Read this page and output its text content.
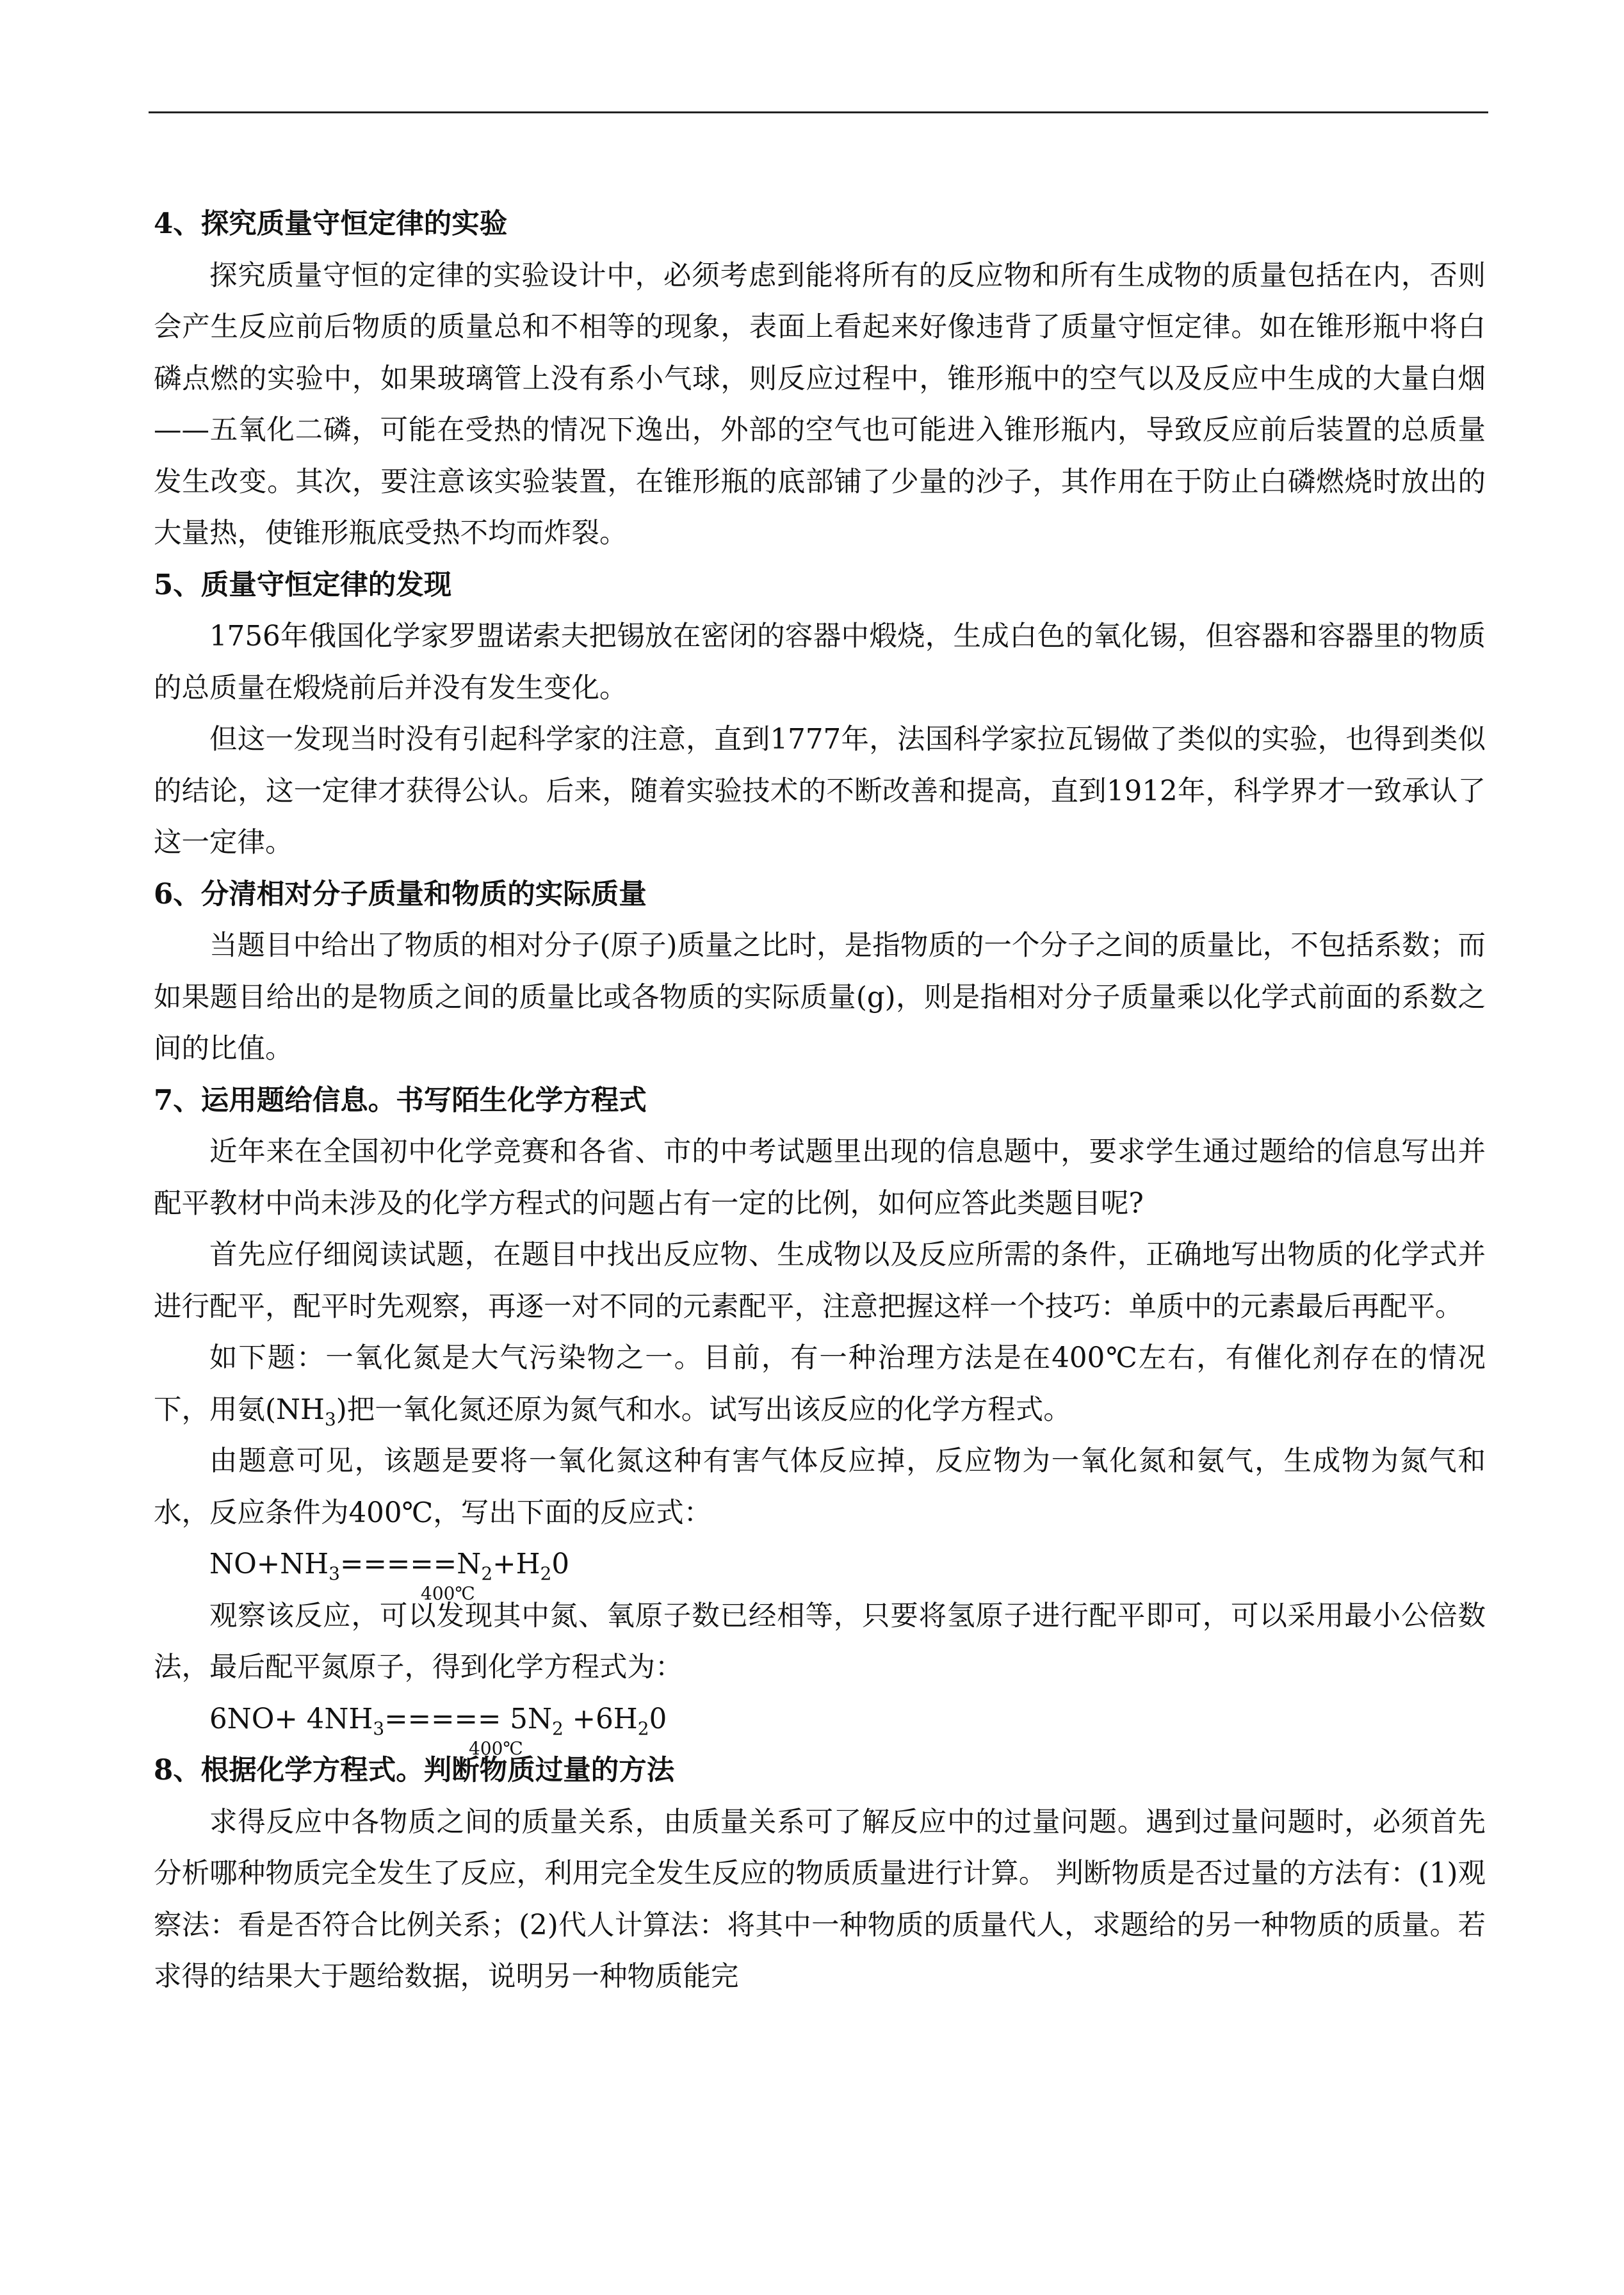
4、探究质量守恒定律的实验

探究质量守恒的定律的实验设计中，必须考虑到能将所有的反应物和所有生成物的质量包括在内，否则会产生反应前后物质的质量总和不相等的现象，表面上看起来好像违背了质量守恒定律。如在锥形瓶中将白磷点燃的实验中，如果玻璃管上没有系小气球，则反应过程中，锥形瓶中的空气以及反应中生成的大量白烟——五氧化二磷，可能在受热的情况下逸出，外部的空气也可能进入锥形瓶内，导致反应前后装置的总质量发生改变。其次，要注意该实验装置，在锥形瓶的底部铺了少量的沙子，其作用在于防止白磷燃烧时放出的大量热，使锥形瓶底受热不均而炸裂。

5、质量守恒定律的发现

1756年俄国化学家罗盟诺索夫把锡放在密闭的容器中煅烧，生成白色的氧化锡，但容器和容器里的物质的总质量在煅烧前后并没有发生变化。

但这一发现当时没有引起科学家的注意，直到1777年，法国科学家拉瓦锡做了类似的实验，也得到类似的结论，这一定律才获得公认。后来，随着实验技术的不断改善和提高，直到1912年，科学界才一致承认了这一定律。

6、分清相对分子质量和物质的实际质量

当题目中给出了物质的相对分子(原子)质量之比时，是指物质的一个分子之间的质量比，不包括系数；而如果题目给出的是物质之间的质量比或各物质的实际质量(g)，则是指相对分子质量乘以化学式前面的系数之间的比值。

7、运用题给信息。书写陌生化学方程式

近年来在全国初中化学竞赛和各省、市的中考试题里出现的信息题中，要求学生通过题给的信息写出并配平教材中尚未涉及的化学方程式的问题占有一定的比例，如何应答此类题目呢?

首先应仔细阅读试题，在题目中找出反应物、生成物以及反应所需的条件，正确地写出物质的化学式并进行配平，配平时先观察，再逐一对不同的元素配平，注意把握这样一个技巧：单质中的元素最后再配平。

如下题：一氧化氮是大气污染物之一。目前，有一种治理方法是在400℃左右，有催化剂存在的情况下，用氨$(NH_3)$把一氧化氮还原为氮气和水。试写出该反应的化学方程式。

由题意可见，该题是要将一氧化氮这种有害气体反应掉，反应物为一氧化氮和氨气，生成物为氮气和水，反应条件为400℃，写出下面的反应式：

$NO+NH_3=====N_2+H_20$
400℃

观察该反应，可以发现其中氮、氧原子数已经相等，只要将氢原子进行配平即可，可以采用最小公倍数法，最后配平氮原子，得到化学方程式为：

$6NO+ 4NH_3===== 5N_2 +6H_20$
400℃

8、根据化学方程式。判断物质过量的方法

求得反应中各物质之间的质量关系，由质量关系可了解反应中的过量问题。遇到过量问题时，必须首先分析哪种物质完全发生了反应，利用完全发生反应的物质质量进行计算。 判断物质是否过量的方法有：(1)观察法：看是否符合比例关系；(2)代人计算法：将其中一种物质的质量代人，求题给的另一种物质的质量。若求得的结果大于题给数据，说明另一种物质能完
